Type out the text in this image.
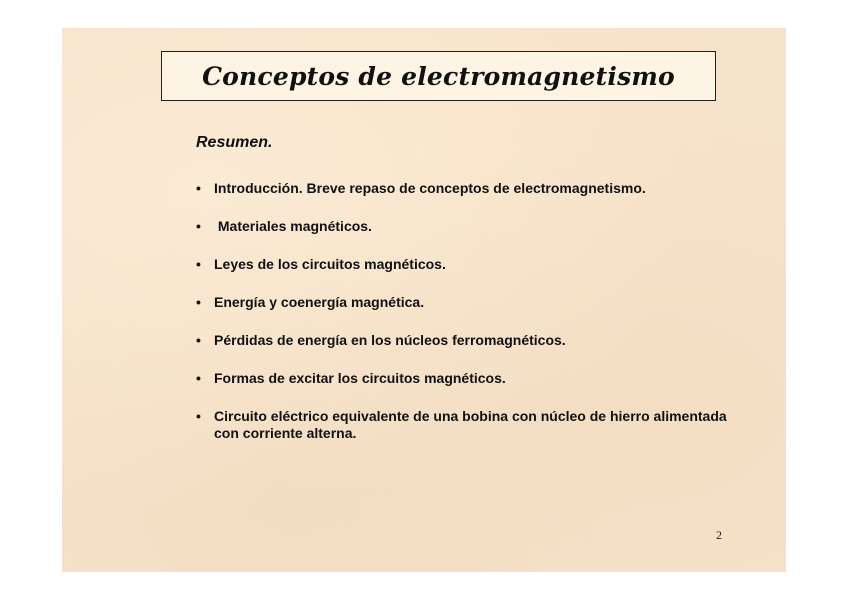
Conceptos de electromagnetismo
Resumen.
• Introducción. Breve repaso de conceptos de electromagnetismo.
• Materiales magnéticos.
• Leyes de los circuitos magnéticos.
• Energía y coenergía magnética.
• Pérdidas de energía en los núcleos ferromagnéticos.
• Formas de excitar los circuitos magnéticos.
• Circuito eléctrico equivalente de una bobina con núcleo de hierro alimentada con corriente alterna.
2
